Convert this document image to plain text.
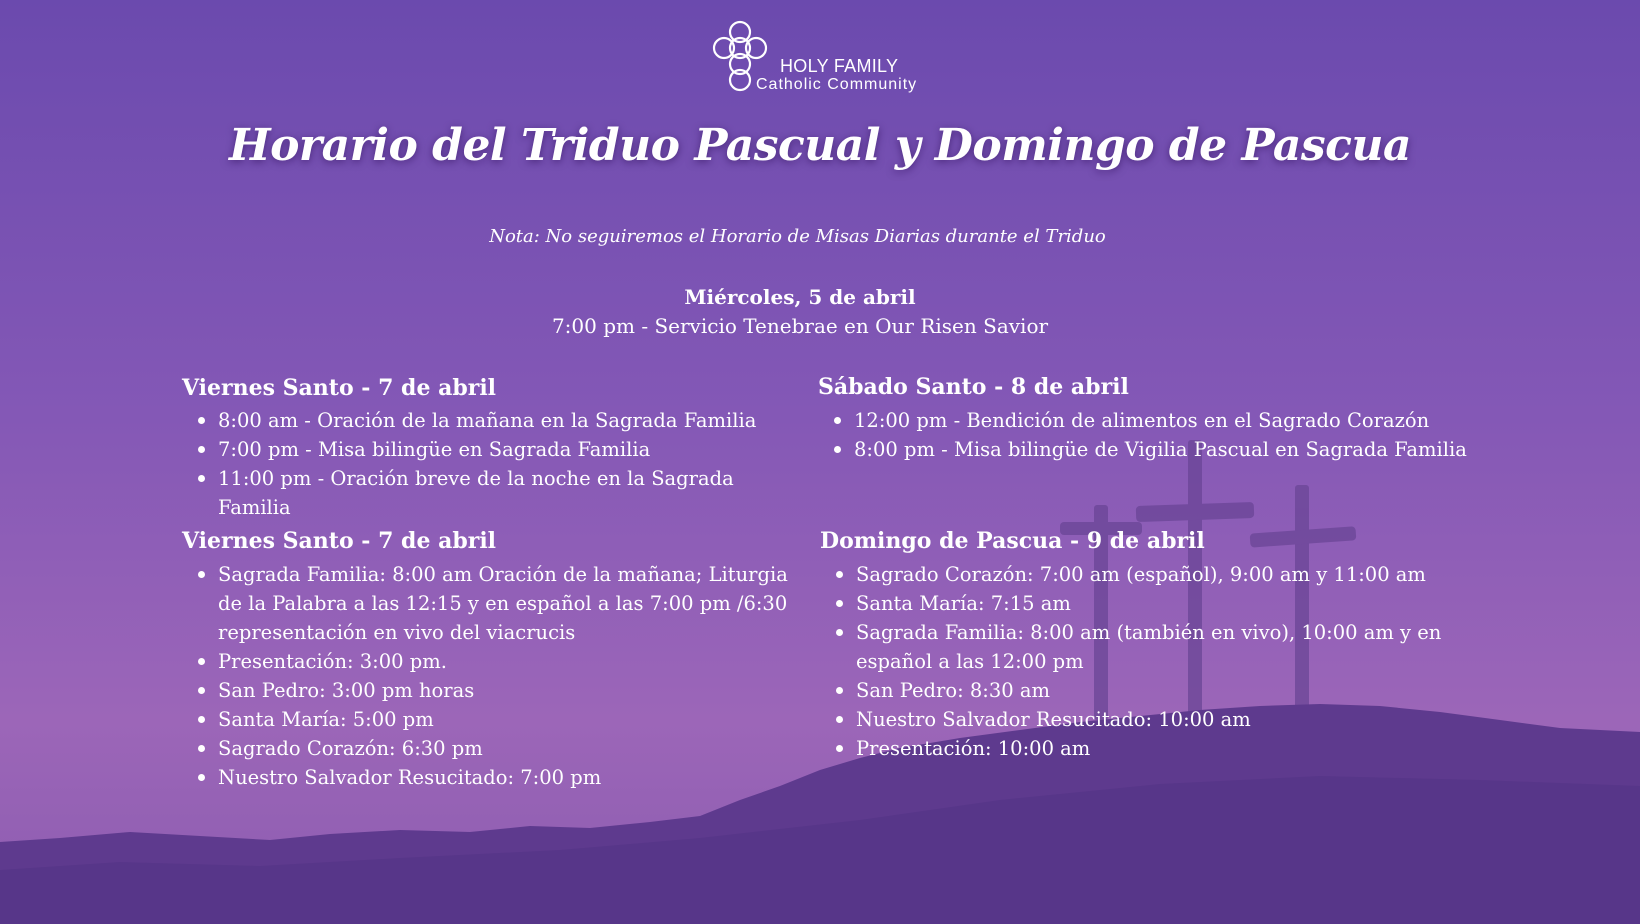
HOLY FAMILY
Catholic Community
Horario del Triduo Pascual y Domingo de Pascua
Nota: No seguiremos el Horario de Misas Diarias durante el Triduo
Miércoles, 5 de abril
7:00 pm - Servicio Tenebrae en Our Risen Savior
Viernes Santo - 7 de abril
8:00 am - Oración de la mañana en la Sagrada Familia
7:00 pm - Misa bilingüe en Sagrada Familia
11:00 pm - Oración breve de la noche en la Sagrada Familia
Sábado Santo - 8 de abril
12:00 pm - Bendición de alimentos en el Sagrado Corazón
8:00 pm - Misa bilingüe de Vigilia Pascual en Sagrada Familia
Viernes Santo - 7 de abril
Sagrada Familia: 8:00 am Oración de la mañana; Liturgia de la Palabra a las 12:15 y en español a las 7:00 pm /6:30 representación en vivo del viacrucis
Presentación: 3:00 pm.
San Pedro: 3:00 pm horas
Santa María: 5:00 pm
Sagrado Corazón: 6:30 pm
Nuestro Salvador Resucitado: 7:00 pm
Domingo de Pascua - 9 de abril
Sagrado Corazón: 7:00 am (español), 9:00 am y 11:00 am
Santa María: 7:15 am
Sagrada Familia: 8:00 am (también en vivo), 10:00 am y en español a las 12:00 pm
San Pedro: 8:30 am
Nuestro Salvador Resucitado: 10:00 am
Presentación: 10:00 am
